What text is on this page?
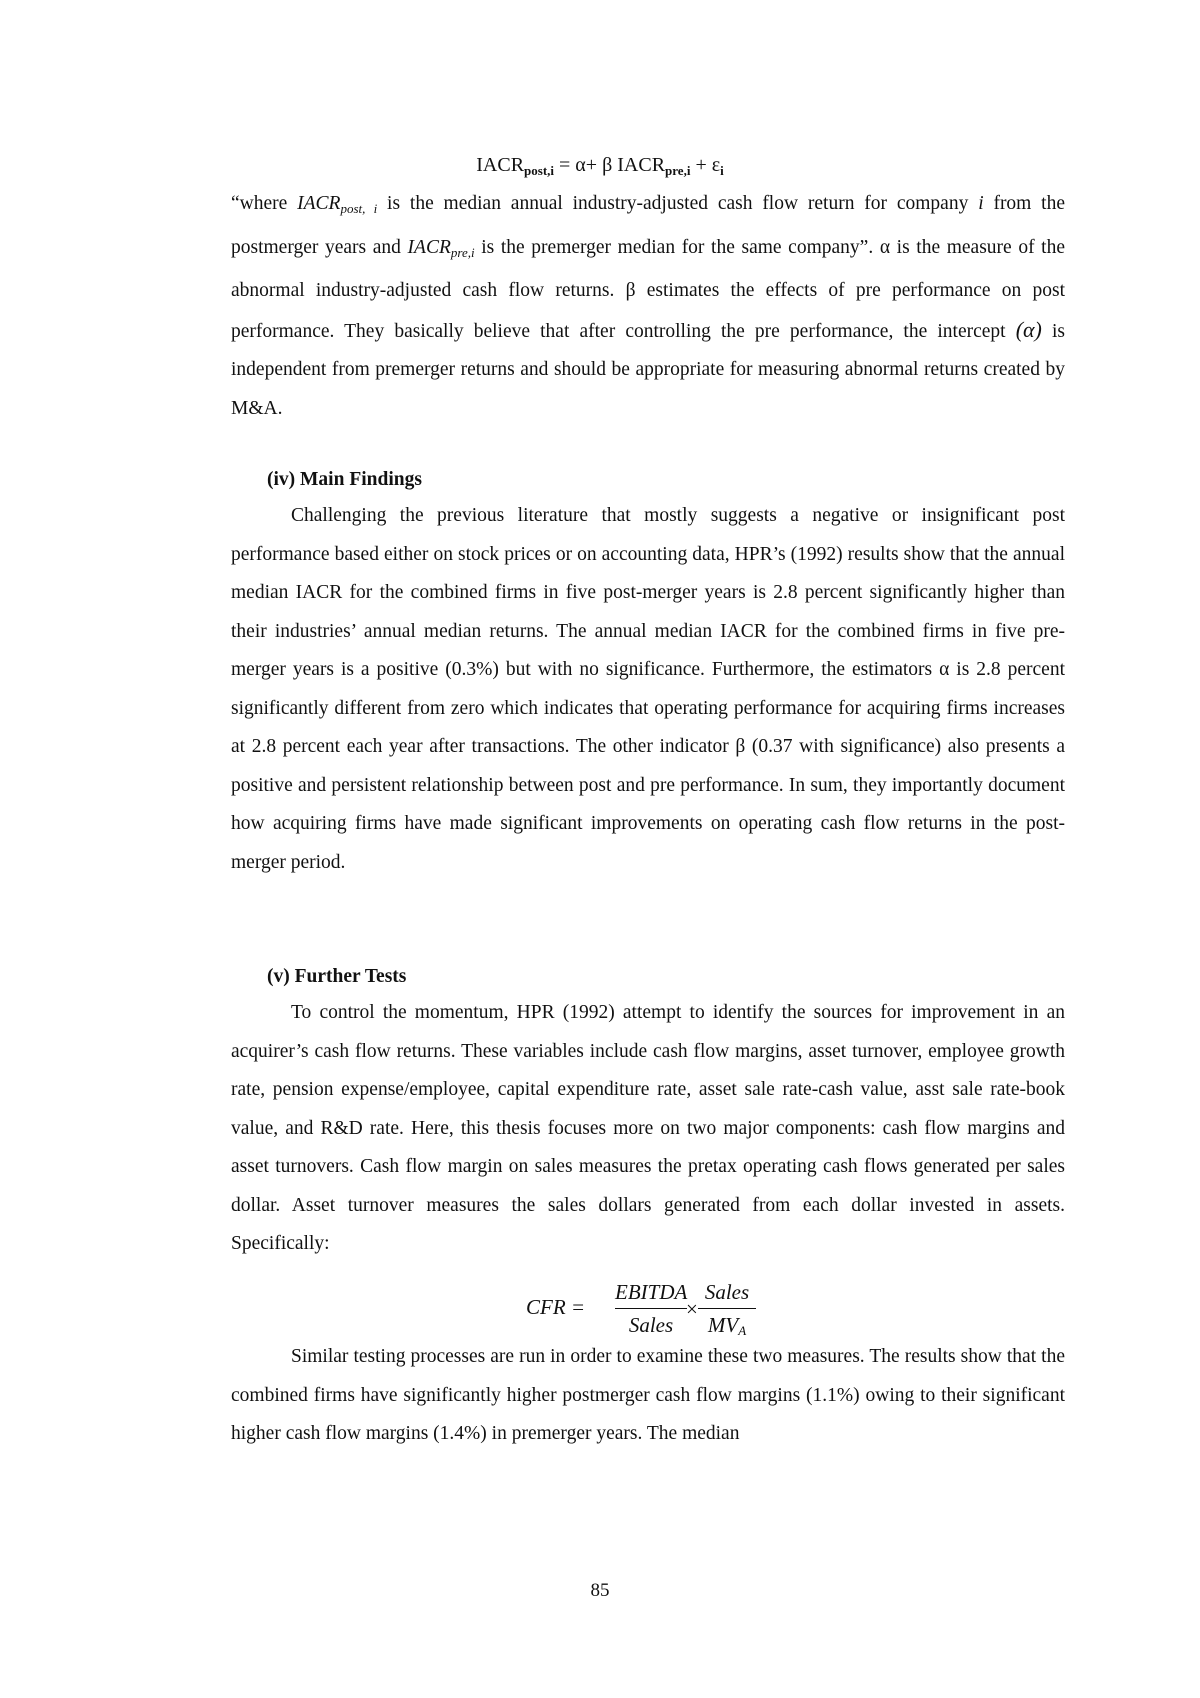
$IACR_{post,i} = \alpha+ \beta$ $IACR_{pre,i} + \varepsilon_i$
“where $IACR_{post, i}$ is the median annual industry-adjusted cash flow return for company i from the postmerger years and $IACR_{pre,i}$ is the premerger median for the same company”. α is the measure of the abnormal industry-adjusted cash flow returns. β estimates the effects of pre performance on post performance. They basically believe that after controlling the pre performance, the intercept (α) is independent from premerger returns and should be appropriate for measuring abnormal returns created by M&A.
(iv) Main Findings
Challenging the previous literature that mostly suggests a negative or insignificant post performance based either on stock prices or on accounting data, HPR’s (1992) results show that the annual median IACR for the combined firms in five post-merger years is 2.8 percent significantly higher than their industries’ annual median returns. The annual median IACR for the combined firms in five pre-merger years is a positive (0.3%) but with no significance. Furthermore, the estimators α is 2.8 percent significantly different from zero which indicates that operating performance for acquiring firms increases at 2.8 percent each year after transactions. The other indicator β (0.37 with significance) also presents a positive and persistent relationship between post and pre performance. In sum, they importantly document how acquiring firms have made significant improvements on operating cash flow returns in the post-merger period.
(v) Further Tests
To control the momentum, HPR (1992) attempt to identify the sources for improvement in an acquirer’s cash flow returns. These variables include cash flow margins, asset turnover, employee growth rate, pension expense/employee, capital expenditure rate, asset sale rate-cash value, asst sale rate-book value, and R&D rate. Here, this thesis focuses more on two major components: cash flow margins and asset turnovers. Cash flow margin on sales measures the pretax operating cash flows generated per sales dollar. Asset turnover measures the sales dollars generated from each dollar invested in assets. Specifically:
CFR =
EBITDA
Sales
×
Sales
MVA
Similar testing processes are run in order to examine these two measures. The results show that the combined firms have significantly higher postmerger cash flow margins (1.1%) owing to their significant higher cash flow margins (1.4%) in premerger years. The median
85
